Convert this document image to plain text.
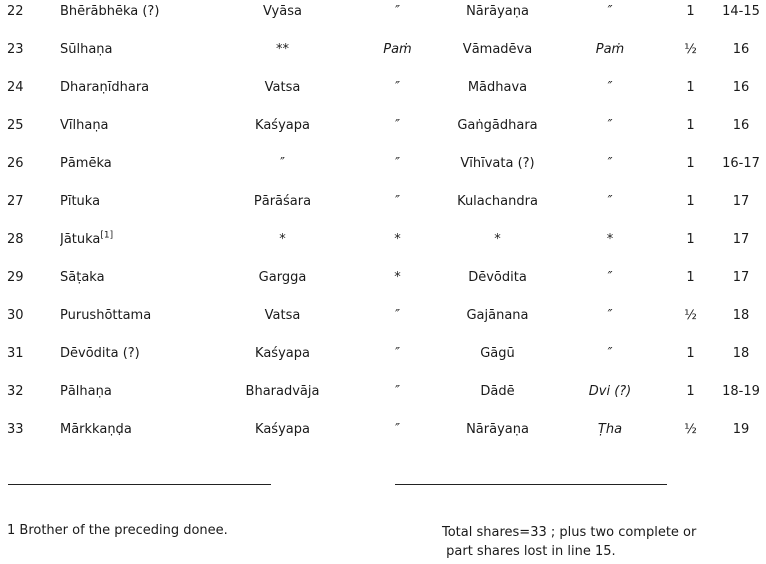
22	Bhērābhēka (?)	Vyāsa	″	Nārāyaṇa	″	1	14-15
23	Sūlhaṇa	**	Paṁ	Vāmadēva	Paṁ	½	16
24	Dharaṇīdhara	Vatsa	″	Mādhava	″	1	16
25	Vīlhaṇa	Kaśyapa	″	Gaṅgādhara	″	1	16
26	Pāmēka	″	″	Vīhīvata (?)	″	1	16-17
27	Pītuka	Pārāśara	″	Kulachandra	″	1	17
28	Jātuka[1]	*	*	*	*	1	17
29	Sāṭaka	Gargga	*	Dēvōdita	″	1	17
30	Purushōttama	Vatsa	″	Gajānana	″	½	18
31	Dēvōdita (?)	Kaśyapa	″	Gāgū	″	1	18
32	Pālhaṇa	Bharadvāja	″	Dādē	Dvi (?)	1	18-19
33	Mārkkaṇḍa	Kaśyapa	″	Nārāyaṇa	Ṭha	½	19
1 Brother of the preceding donee.	Total shares=33 ; plus two complete or
part shares lost in line 15.
